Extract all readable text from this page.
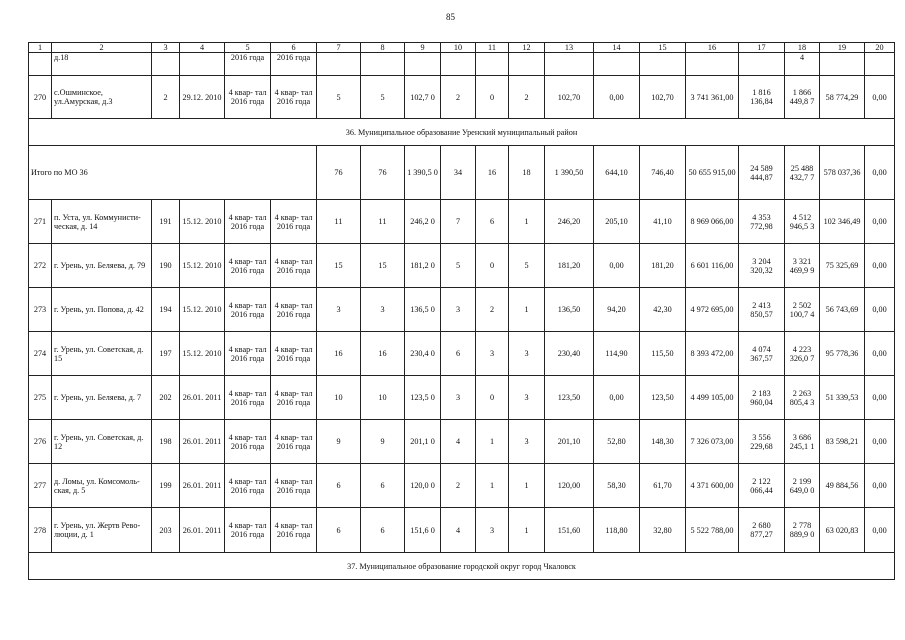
85
1	2	3	4	5	6	7	8	9	10	11	12	13	14	15	16	17	18	19	20
	д.18			2016 года	2016 года												4		
270	с.Ошминское, ул.Амурская, д.3	2	29.12. 2010	4 квар- тал 2016 года	4 квар- тал 2016 года	5	5	102,7 0	2	0	2	102,70	0,00	102,70	3 741 361,00	1 816 136,84	1 866 449,8 7	58 774,29	0,00
36. Муниципальное образование Уренский муниципальный район																			
Итого по МО 36						76	76	1 390,5 0	34	16	18	1 390,50	644,10	746,40	50 655 915,00	24 589 444,87	25 488 432,7 7	578 037,36	0,00
271	п. Уста, ул. Коммунисти- ческая, д. 14	191	15.12. 2010	4 квар- тал 2016 года	4 квар- тал 2016 года	11	11	246,2 0	7	6	1	246,20	205,10	41,10	8 969 066,00	4 353 772,98	4 512 946,5 3	102 346,49	0,00
272	г. Урень, ул. Беляева, д. 79	190	15.12. 2010	4 квар- тал 2016 года	4 квар- тал 2016 года	15	15	181,2 0	5	0	5	181,20	0,00	181,20	6 601 116,00	3 204 320,32	3 321 469,9 9	75 325,69	0,00
273	г. Урень, ул. Попова, д. 42	194	15.12. 2010	4 квар- тал 2016 года	4 квар- тал 2016 года	3	3	136,5 0	3	2	1	136,50	94,20	42,30	4 972 695,00	2 413 850,57	2 502 100,7 4	56 743,69	0,00
274	г. Урень, ул. Советская, д. 15	197	15.12. 2010	4 квар- тал 2016 года	4 квар- тал 2016 года	16	16	230,4 0	6	3	3	230,40	114,90	115,50	8 393 472,00	4 074 367,57	4 223 326,0 7	95 778,36	0,00
275	г. Урень, ул. Беляева, д. 7	202	26.01. 2011	4 квар- тал 2016 года	4 квар- тал 2016 года	10	10	123,5 0	3	0	3	123,50	0,00	123,50	4 499 105,00	2 183 960,04	2 263 805,4 3	51 339,53	0,00
276	г. Урень, ул. Советская, д. 12	198	26.01. 2011	4 квар- тал 2016 года	4 квар- тал 2016 года	9	9	201,1 0	4	1	3	201,10	52,80	148,30	7 326 073,00	3 556 229,68	3 686 245,1 1	83 598,21	0,00
277	д. Ломы, ул. Комсомоль- ская, д. 5	199	26.01. 2011	4 квар- тал 2016 года	4 квар- тал 2016 года	6	6	120,0 0	2	1	1	120,00	58,30	61,70	4 371 600,00	2 122 066,44	2 199 649,0 0	49 884,56	0,00
278	г. Урень, ул. Жертв Рево- люции, д. 1	203	26.01. 2011	4 квар- тал 2016 года	4 квар- тал 2016 года	6	6	151,6 0	4	3	1	151,60	118,80	32,80	5 522 788,00	2 680 877,27	2 778 889,9 0	63 020,83	0,00
37. Муниципальное образование городской округ город Чкаловск																			
